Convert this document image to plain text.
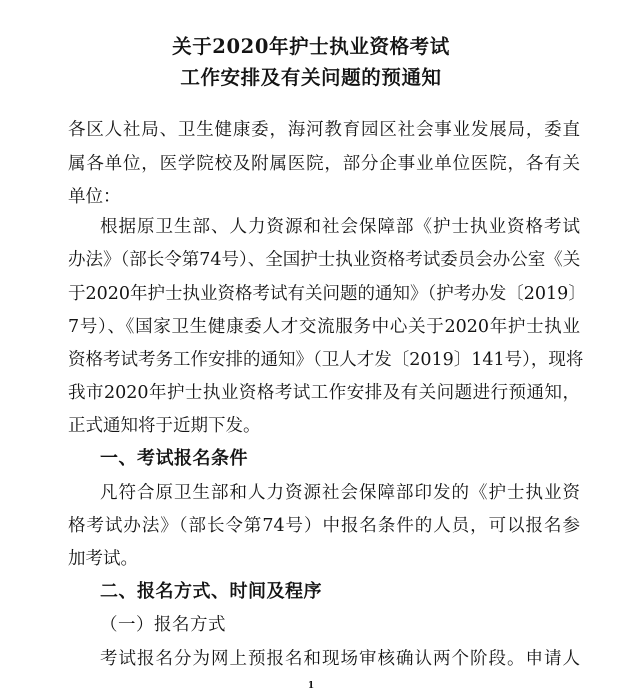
关于2020年护士执业资格考试
工作安排及有关问题的预通知
各区人社局、卫生健康委，海河教育园区社会事业发展局，委直
属各单位，医学院校及附属医院，部分企事业单位医院，各有关
单位：
根据原卫生部、人力资源和社会保障部《护士执业资格考试
办法》（部长令第74号）、全国护士执业资格考试委员会办公室《关
于2020年护士执业资格考试有关问题的通知》（护考办发〔2019〕
7号）、《国家卫生健康委人才交流服务中心关于2020年护士执业
资格考试考务工作安排的通知》（卫人才发〔2019〕141号），现将
我市2020年护士执业资格考试工作安排及有关问题进行预通知，
正式通知将于近期下发。
一、考试报名条件
凡符合原卫生部和人力资源社会保障部印发的《护士执业资
格考试办法》（部长令第74号）中报名条件的人员，可以报名参
加考试。
二、报名方式、时间及程序
（一）报名方式
考试报名分为网上预报名和现场审核确认两个阶段。申请人
1
